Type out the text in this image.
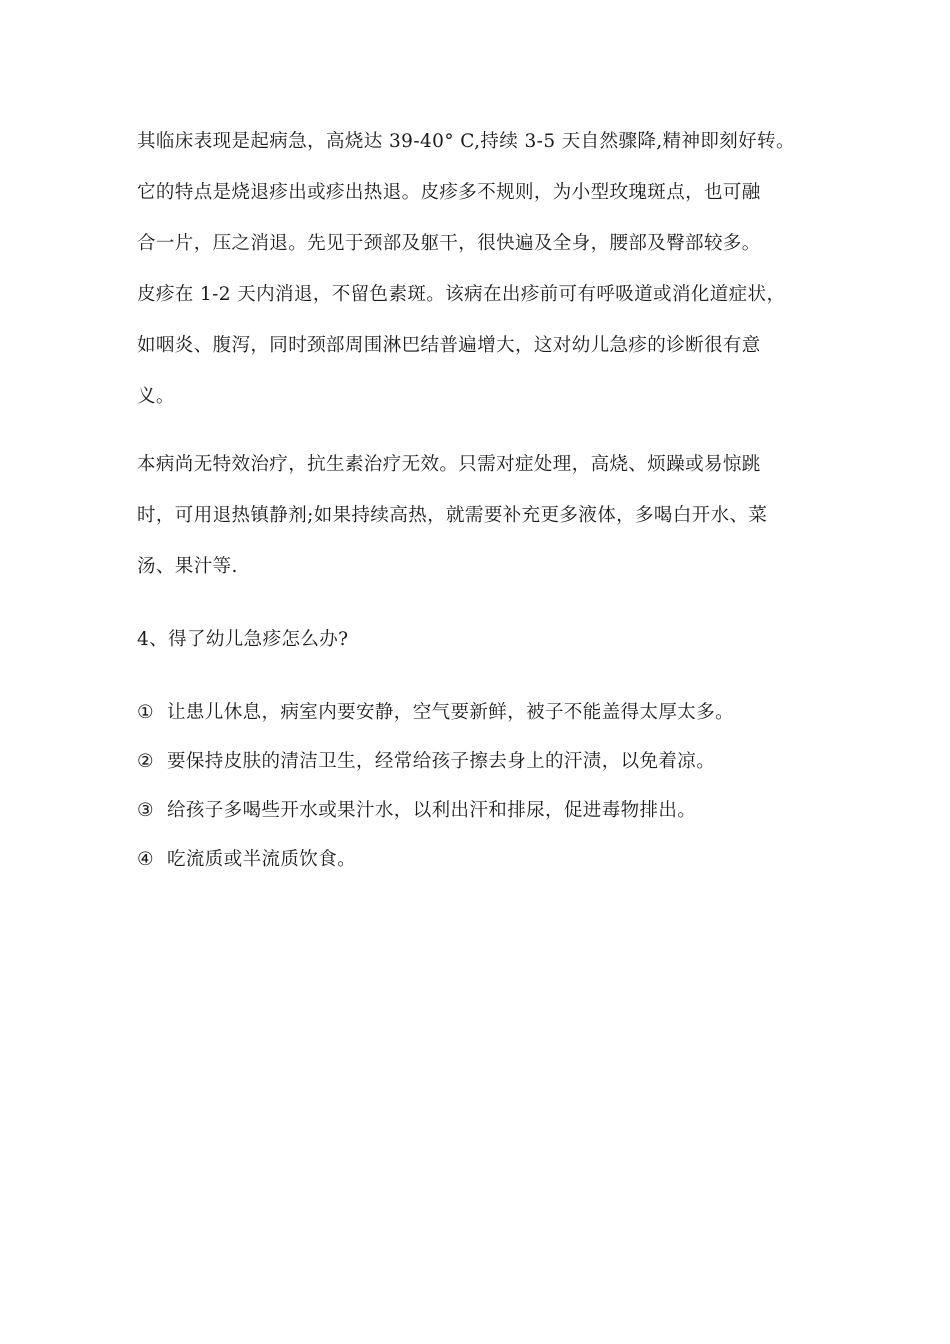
其临床表现是起病急，高烧达 39-40° C,持续 3-5 天自然骤降,精神即刻好转。
它的特点是烧退疹出或疹出热退。皮疹多不规则，为小型玫瑰斑点，也可融
合一片，压之消退。先见于颈部及躯干，很快遍及全身，腰部及臀部较多。
皮疹在 1-2 天内消退，不留色素斑。该病在出疹前可有呼吸道或消化道症状，
如咽炎、腹泻，同时颈部周围淋巴结普遍增大，这对幼儿急疹的诊断很有意
义。

本病尚无特效治疗，抗生素治疗无效。只需对症处理，高烧、烦躁或易惊跳
时，可用退热镇静剂;如果持续高热，就需要补充更多液体，多喝白开水、菜
汤、果汁等.

4、得了幼儿急疹怎么办?
① 让患儿休息，病室内要安静，空气要新鲜，被子不能盖得太厚太多。
② 要保持皮肤的清洁卫生，经常给孩子擦去身上的汗渍，以免着凉。
③ 给孩子多喝些开水或果汁水，以利出汗和排尿，促进毒物排出。
④ 吃流质或半流质饮食。
